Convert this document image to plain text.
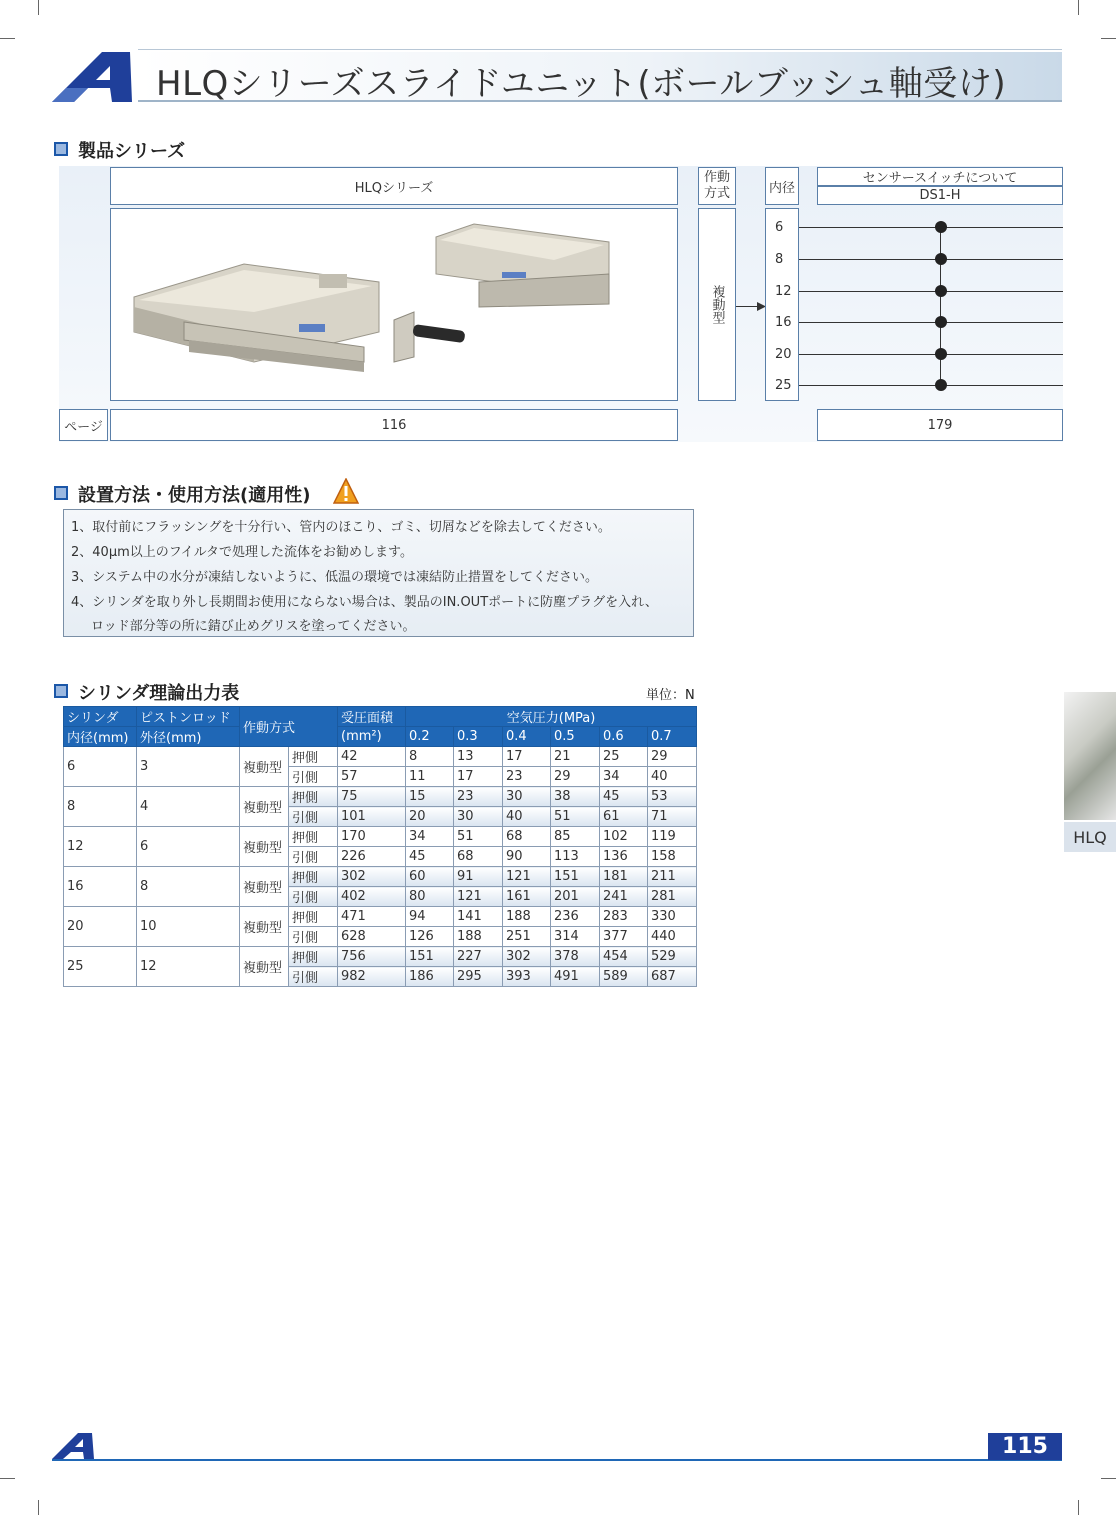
HLQシリーズスライドユニット(ボールブッシュ軸受け)
製品シリーズ
HLQシリーズ
作動方式	内径
センサースイッチについて
DS1-H
複動型
6
8
12
16
20
25
ページ	116	179
設置方法・使用方法(適用性)
1、取付前にフラッシングを十分行い、管内のほこり、ゴミ、切屑などを除去してください。
2、40μm以上のフイルタで処理した流体をお勧めします。
3、システム中の水分が凍結しないように、低温の環境では凍結防止措置をしてください。
4、シリンダを取り外し長期間お使用にならない場合は、製品のIN.OUTポートに防塵プラグを入れ、
ロッド部分等の所に錆び止めグリスを塗ってください。
シリンダ理論出力表	単位：N
シリンダ	ピストンロッド	作動方式		受圧面積	空気圧力(MPa)					
内径(mm)	外径(mm)			(mm²)	0.2	0.3	0.4	0.5	0.6	0.7
6	3	複動型	押側	42	8	13	17	21	25	29
			引側	57	11	17	23	29	34	40
8	4	複動型	押側	75	15	23	30	38	45	53
			引側	101	20	30	40	51	61	71
12	6	複動型	押側	170	34	51	68	85	102	119
			引側	226	45	68	90	113	136	158
16	8	複動型	押側	302	60	91	121	151	181	211
			引側	402	80	121	161	201	241	281
20	10	複動型	押側	471	94	141	188	236	283	330
			引側	628	126	188	251	314	377	440
25	12	複動型	押側	756	151	227	302	378	454	529
			引側	982	186	295	393	491	589	687
HLQ
115
